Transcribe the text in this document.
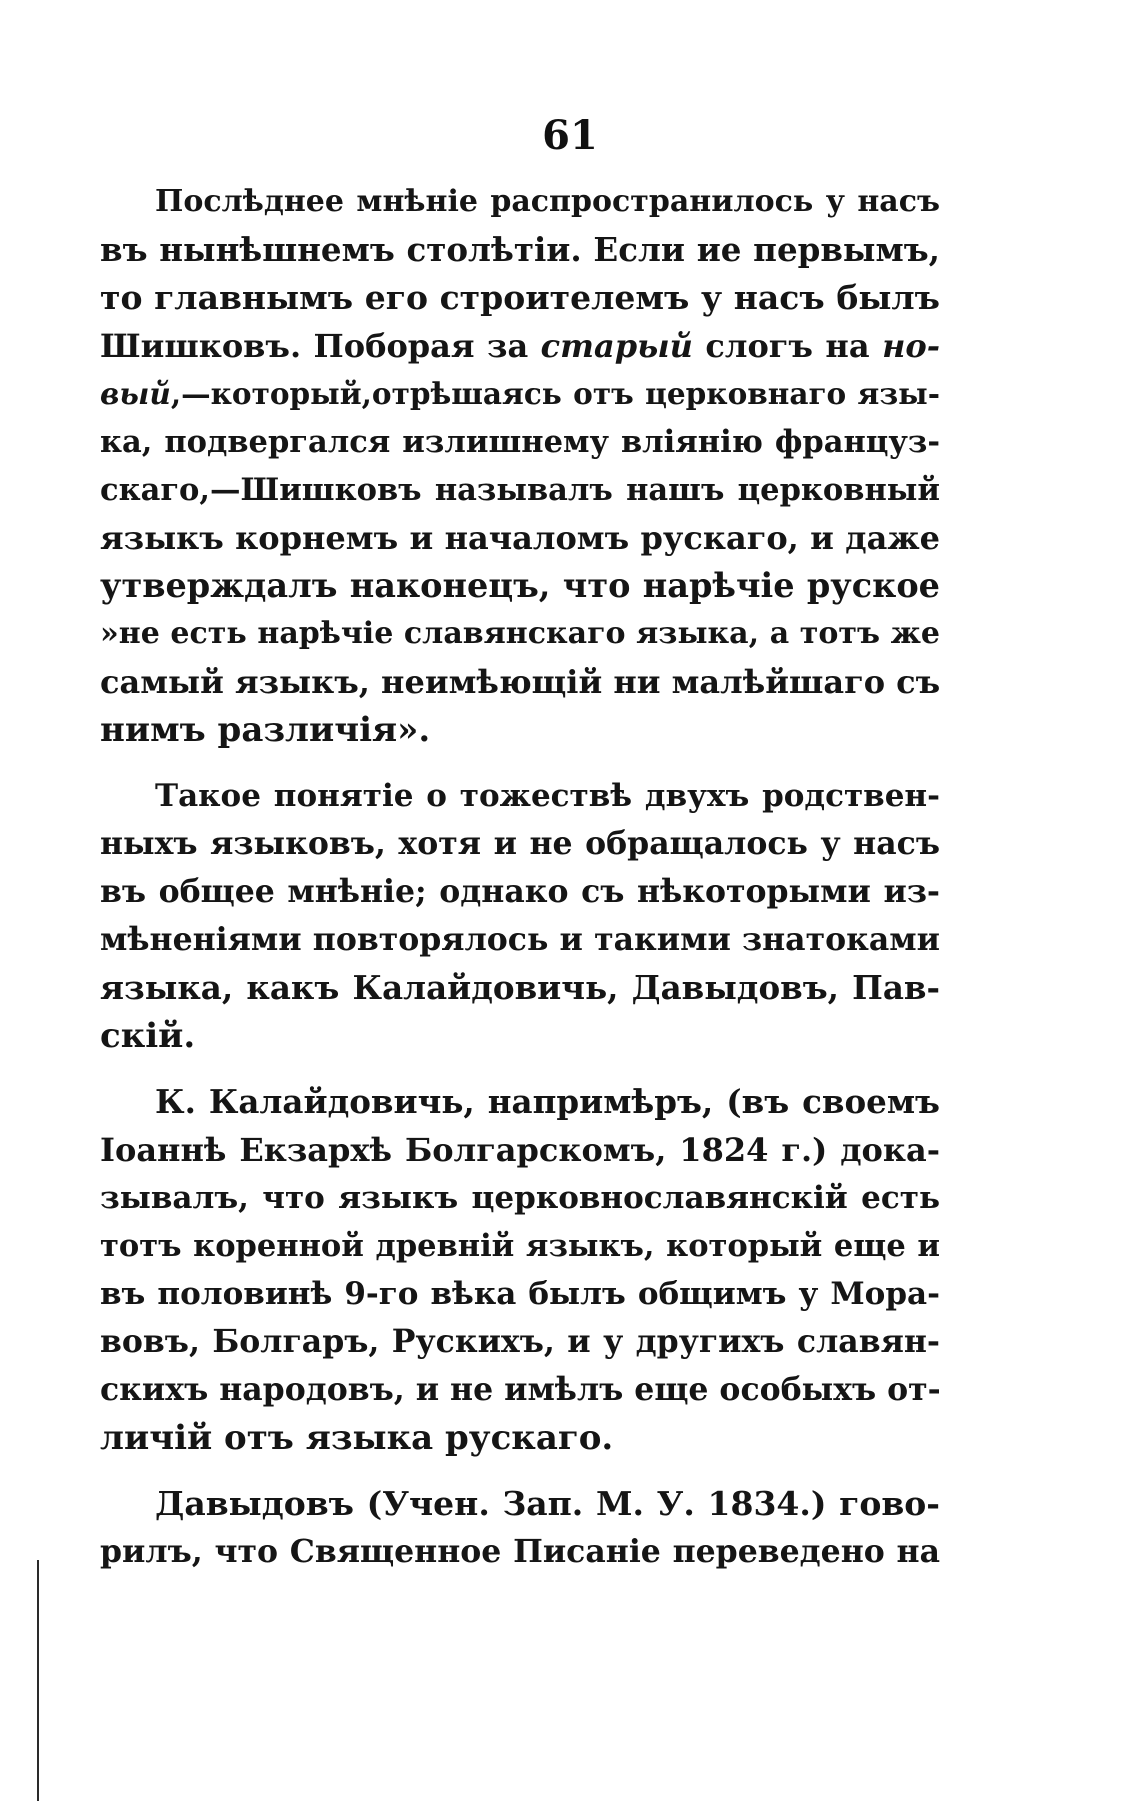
61
Послѣднее мнѣніе распространилось у насъ
въ нынѣшнемъ столѣтіи. Если ие первымъ,
то главнымъ его строителемъ у насъ былъ
Шишковъ. Поборая за старый слогъ на но-
вый,—который,отрѣшаясь отъ церковнаго язы-
ка, подвергался излишнему вліянію француз-
скаго,—Шишковъ называлъ нашъ церковный
языкъ корнемъ и началомъ рускаго, и даже
утверждалъ наконецъ, что нарѣчіе руское
»не есть нарѣчіе славянскаго языка, а тотъ же
самый языкъ, неимѣющій ни малѣйшаго съ
нимъ различія».
Такое понятіе о тожествѣ двухъ родствен-
ныхъ языковъ, хотя и не обращалось у насъ
въ общее мнѣніе; однако съ нѣкоторыми из-
мѣненіями повторялось и такими знатоками
языка, какъ Калайдовичь, Давыдовъ, Пав-
скій.
К. Калайдовичь, напримѣръ, (въ своемъ
Іоаннѣ Екзархѣ Болгарскомъ, 1824 г.) дока-
зывалъ, что языкъ церковнославянскій есть
тотъ коренной древній языкъ, который еще и
въ половинѣ 9-го вѣка былъ общимъ у Мора-
вовъ, Болгаръ, Рускихъ, и у другихъ славян-
скихъ народовъ, и не имѣлъ еще особыхъ от-
личій отъ языка рускаго.
Давыдовъ (Учен. Зап. М. У. 1834.) гово-
рилъ, что Священное Писаніе переведено на
